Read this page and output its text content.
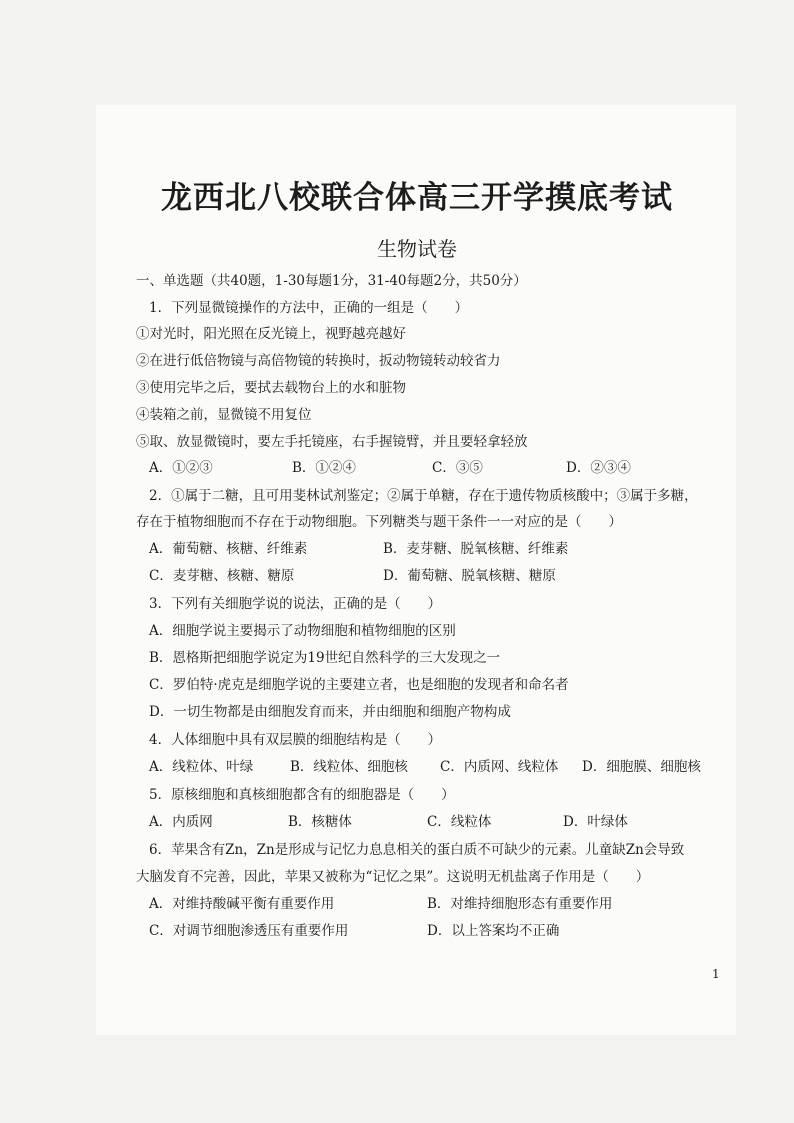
龙西北八校联合体高三开学摸底考试
生物试卷
一、单选题（共40题，1-30每题1分，31-40每题2分，共50分）
1．下列显微镜操作的方法中，正确的一组是（　　）
①对光时，阳光照在反光镜上，视野越亮越好
②在进行低倍物镜与高倍物镜的转换时，扳动物镜转动较省力
③使用完毕之后，要拭去载物台上的水和脏物
④装箱之前，显微镜不用复位
⑤取、放显微镜时，要左手托镜座，右手握镜臂，并且要轻拿轻放
A．①②③	B．①②④	C．③⑤	D．②③④
2．①属于二糖，且可用斐林试剂鉴定；②属于单糖，存在于遗传物质核酸中；③属于多糖，
存在于植物细胞而不存在于动物细胞。下列糖类与题干条件一一对应的是（　　）
A．葡萄糖、核糖、纤维素	B．麦芽糖、脱氧核糖、纤维素
C．麦芽糖、核糖、糖原	D．葡萄糖、脱氧核糖、糖原
3．下列有关细胞学说的说法，正确的是（　　）
A．细胞学说主要揭示了动物细胞和植物细胞的区别
B．恩格斯把细胞学说定为19世纪自然科学的三大发现之一
C．罗伯特·虎克是细胞学说的主要建立者，也是细胞的发现者和命名者
D．一切生物都是由细胞发育而来，并由细胞和细胞产物构成
4．人体细胞中具有双层膜的细胞结构是（　　）
A．线粒体、叶绿	B．线粒体、细胞核 C．内质网、线粒体 D．细胞膜、细胞核
5．原核细胞和真核细胞都含有的细胞器是（　　）
A．内质网	B．核糖体	C．线粒体	D．叶绿体
6．苹果含有Zn，Zn是形成与记忆力息息相关的蛋白质不可缺少的元素。儿童缺Zn会导致
大脑发育不完善，因此，苹果又被称为“记忆之果”。这说明无机盐离子作用是（　　）
A．对维持酸碱平衡有重要作用	B．对维持细胞形态有重要作用
C．对调节细胞渗透压有重要作用	D．以上答案均不正确
1
